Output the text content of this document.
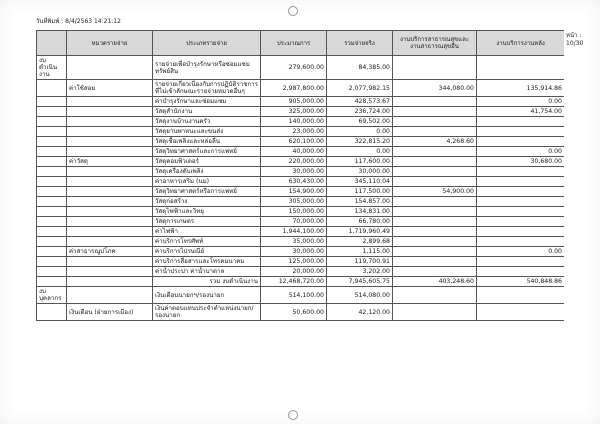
วันที่พิมพ์ : 8/4/2563 14:21:12
หน้า : 10/30
	หมวดรายจ่าย	ประเภทรายจ่าย	ประมาณการ	รวมจ่ายจริง	งานบริการสาธารณสุขและงานสาธารณสุขอื่น	งานบริการงานหลัง
งบดำเนินงาน		รายจ่ายเพื่อบำรุงรักษาหรือซ่อมแซมทรัพย์สิน	279,600.00	84,385.00		
	ค่าใช้สอย	รายจ่ายเกี่ยวเนื่องกับการปฏิบัติราชการที่ไม่เข้าลักษณะรายจ่ายหมวดอื่นๆ	2,987,800.00	2,077,982.15	344,080.00	135,914.86
		ค่าบำรุงรักษาและซ่อมแซม	905,000.00	428,573.67		0.00
		วัสดุสำนักงาน	325,000.00	236,724.00		41,754.00
		วัสดุงานบ้านงานครัว	140,000.00	69,502.00		
		วัสดุยานพาหนะและขนส่ง	23,000.00	0.00		
		วัสดุเชื้อเพลิงและหล่อลื่น	620,100.00	322,815.20	4,268.60	
		วัสดุวิทยาศาสตร์และการแพทย์	40,000.00	0.00		0.00
	ค่าวัสดุ	วัสดุคอมพิวเตอร์	220,000.00	117,600.00		30,680.00
		วัสดุเครื่องดับเพลิง	30,000.00	30,000.00		
		ค่าอาหารเสริม (นม)	630,430.00	345,110.04		
		วัสดุวิทยาศาสตร์หรือการแพทย์	154,900.00	117,500.00	54,900.00	
		วัสดุก่อสร้าง	305,000.00	154,857.00		
		วัสดุไฟฟ้าและวิทยุ	150,000.00	134,831.00		
		วัสดุการเกษตร	70,000.00	66,780.00		
		ค่าไฟฟ้า	1,944,100.00	1,719,960.49		
		ค่าบริการโทรศัพท์	35,000.00	2,899.68		
	ค่าสาธารณูปโภค	ค่าบริการไปรษณีย์	30,000.00	1,115.00		0.00
		ค่าบริการสื่อสารและโทรคมนาคม	125,000.00	119,700.91		
		ค่าน้ำประปา ค่าน้ำบาดาล	20,000.00	3,202.00		
		รวม งบดำเนินงาน	12,468,720.00	7,945,605.75	403,248.60	540,848.86
งบบุคลากร		เงินเดือนนายกฯ/รองนายก	514,100.00	514,080.00		
	เงินเดือน (ฝ่ายการเมือง)	เงินค่าตอบแทนประจำตำแหน่งนายก/รองนายก	50,600.00	42,120.00		
